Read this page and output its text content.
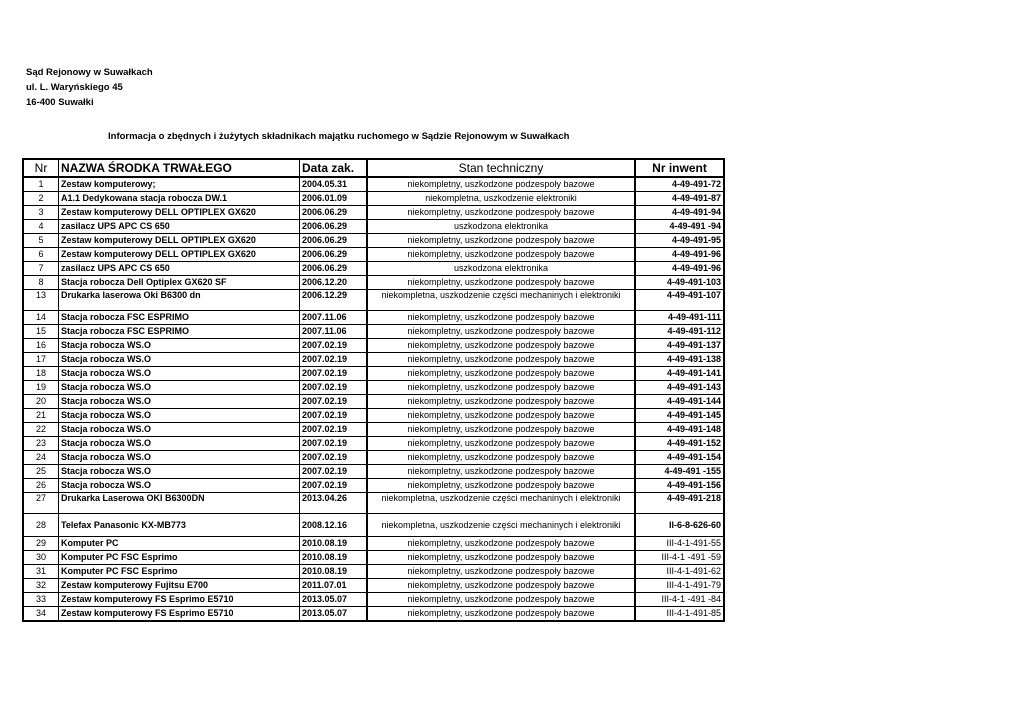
Sąd Rejonowy w Suwałkach
ul. L. Waryńskiego 45
16-400 Suwałki
Informacja o zbędnych i żużytych składnikach majątku ruchomego w Sądzie Rejonowym w Suwałkach
Nr	NAZWA ŚRODKA TRWAŁEGO	Data zak.	Stan techniczny	Nr inwent
1	Zestaw komputerowy;	2004.05.31	niekompletny, uszkodzone podzespoły bazowe	4-49-491-72
2	A1.1 Dedykowana stacja robocza DW.1	2006.01.09	niekompletna, uszkodzenie elektroniki	4-49-491-87
3	Zestaw komputerowy DELL OPTIPLEX GX620	2006.06.29	niekompletny, uszkodzone podzespoły bazowe	4-49-491-94
4	zasilacz UPS APC CS 650	2006.06.29	uszkodzona elektronika	4-49-491 -94
5	Zestaw komputerowy DELL OPTIPLEX GX620	2006.06.29	niekompletny, uszkodzone podzespoły bazowe	4-49-491-95
6	Zestaw komputerowy DELL OPTIPLEX GX620	2006.06.29	niekompletny, uszkodzone podzespoły bazowe	4-49-491-96
7	zasilacz UPS APC CS 650	2006.06.29	uszkodzona elektronika	4-49-491-96
8	Stacja robocza Dell Optiplex GX620 SF	2006.12.20	niekompletny, uszkodzone podzespoły bazowe	4-49-491-103
13	Drukarka laserowa Oki B6300 dn	2006.12.29	niekompletna, uszkodzenie części mechaninych i elektroniki	4-49-491-107
14	Stacja robocza FSC ESPRIMO	2007.11.06	niekompletny, uszkodzone podzespoły bazowe	4-49-491-111
15	Stacja robocza FSC ESPRIMO	2007.11.06	niekompletny, uszkodzone podzespoły bazowe	4-49-491-112
16	Stacja robocza WS.O	2007.02.19	niekompletny, uszkodzone podzespoły bazowe	4-49-491-137
17	Stacja robocza WS.O	2007.02.19	niekompletny, uszkodzone podzespoły bazowe	4-49-491-138
18	Stacja robocza WS.O	2007.02.19	niekompletny, uszkodzone podzespoły bazowe	4-49-491-141
19	Stacja robocza WS.O	2007.02.19	niekompletny, uszkodzone podzespoły bazowe	4-49-491-143
20	Stacja robocza WS.O	2007.02.19	niekompletny, uszkodzone podzespoły bazowe	4-49-491-144
21	Stacja robocza WS.O	2007.02.19	niekompletny, uszkodzone podzespoły bazowe	4-49-491-145
22	Stacja robocza WS.O	2007.02.19	niekompletny, uszkodzone podzespoły bazowe	4-49-491-148
23	Stacja robocza WS.O	2007.02.19	niekompletny, uszkodzone podzespoły bazowe	4-49-491-152
24	Stacja robocza WS.O	2007.02.19	niekompletny, uszkodzone podzespoły bazowe	4-49-491-154
25	Stacja robocza WS.O	2007.02.19	niekompletny, uszkodzone podzespoły bazowe	4-49-491 -155
26	Stacja robocza WS.O	2007.02.19	niekompletny, uszkodzone podzespoły bazowe	4-49-491-156
27	Drukarka Laserowa OKI B6300DN	2013.04.26	niekompletna, uszkodzenie części mechaninych i elektroniki	4-49-491-218
28	Telefax Panasonic KX-MB773	2008.12.16	niekompletna, uszkodzenie części mechaninych i elektroniki	II-6-8-626-60
29	Komputer PC	2010.08.19	niekompletny, uszkodzone podzespoły bazowe	III-4-1-491-55
30	Komputer PC FSC Esprimo	2010.08.19	niekompletny, uszkodzone podzespoły bazowe	III-4-1 -491 -59
31	Komputer PC FSC Esprimo	2010.08.19	niekompletny, uszkodzone podzespoły bazowe	III-4-1-491-62
32	Zestaw komputerowy Fujitsu E700	2011.07.01	niekompletny, uszkodzone podzespoły bazowe	III-4-1-491-79
33	Zestaw komputerowy FS Esprimo E5710	2013.05.07	niekompletny, uszkodzone podzespoły bazowe	III-4-1 -491 -84
34	Zestaw komputerowy FS Esprimo E5710	2013.05.07	niekompletny, uszkodzone podzespoły bazowe	III-4-1-491-85
